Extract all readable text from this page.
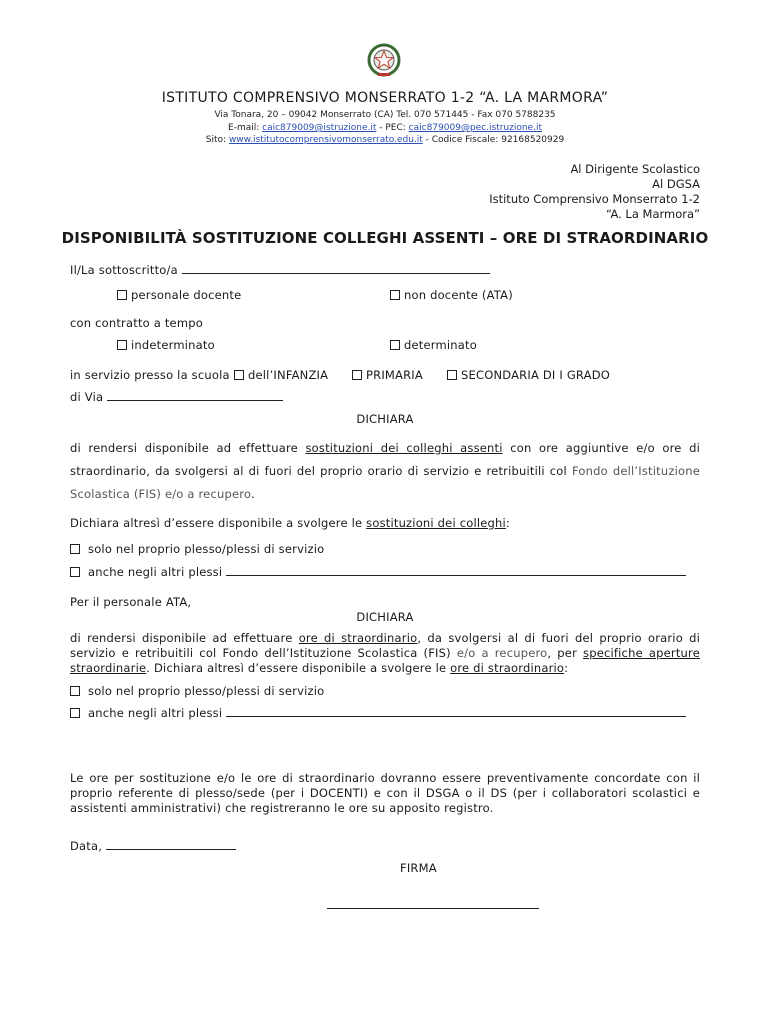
ISTITUTO COMPRENSIVO MONSERRATO 1-2 “A. LA MARMORA”
Via Tonara, 20 – 09042 Monserrato (CA) Tel. 070 571445 - Fax 070 5788235
E-mail: caic879009@istruzione.it - PEC: caic879009@pec.istruzione.it
Sito: www.istitutocomprensivomonserrato.edu.it - Codice Fiscale: 92168520929
Al Dirigente Scolastico
Al DGSA
Istituto Comprensivo Monserrato 1-2
“A. La Marmora”
DISPONIBILITÀ SOSTITUZIONE COLLEGHI ASSENTI – ORE DI STRAORDINARIO
Il/La sottoscritto/a
personale docente	non docente (ATA)
con contratto a tempo
indeterminato	determinato
in servizio presso la scuola	dell’INFANZIA	PRIMARIA	SECONDARIA DI I GRADO
di Via
DICHIARA
di rendersi disponibile ad effettuare sostituzioni dei colleghi assenti con ore aggiuntive e/o ore di straordinario, da svolgersi al di fuori del proprio orario di servizio e retribuitili col Fondo dell’Istituzione Scolastica (FIS) e/o a recupero.
Dichiara altresì d’essere disponibile a svolgere le sostituzioni dei colleghi:
solo nel proprio plesso/plessi di servizio
anche negli altri plessi
Per il personale ATA,
DICHIARA
di rendersi disponibile ad effettuare ore di straordinario, da svolgersi al di fuori del proprio orario di servizio e retribuitili col Fondo dell’Istituzione Scolastica (FIS) e/o a recupero, per specifiche aperture straordinarie. Dichiara altresì d’essere disponibile a svolgere le ore di straordinario:
solo nel proprio plesso/plessi di servizio
anche negli altri plessi
Le ore per sostituzione e/o le ore di straordinario dovranno essere preventivamente concordate con il proprio referente di plesso/sede (per i DOCENTI) e con il DSGA o il DS (per i collaboratori scolastici e assistenti amministrativi) che registreranno le ore su apposito registro.
Data,
FIRMA
